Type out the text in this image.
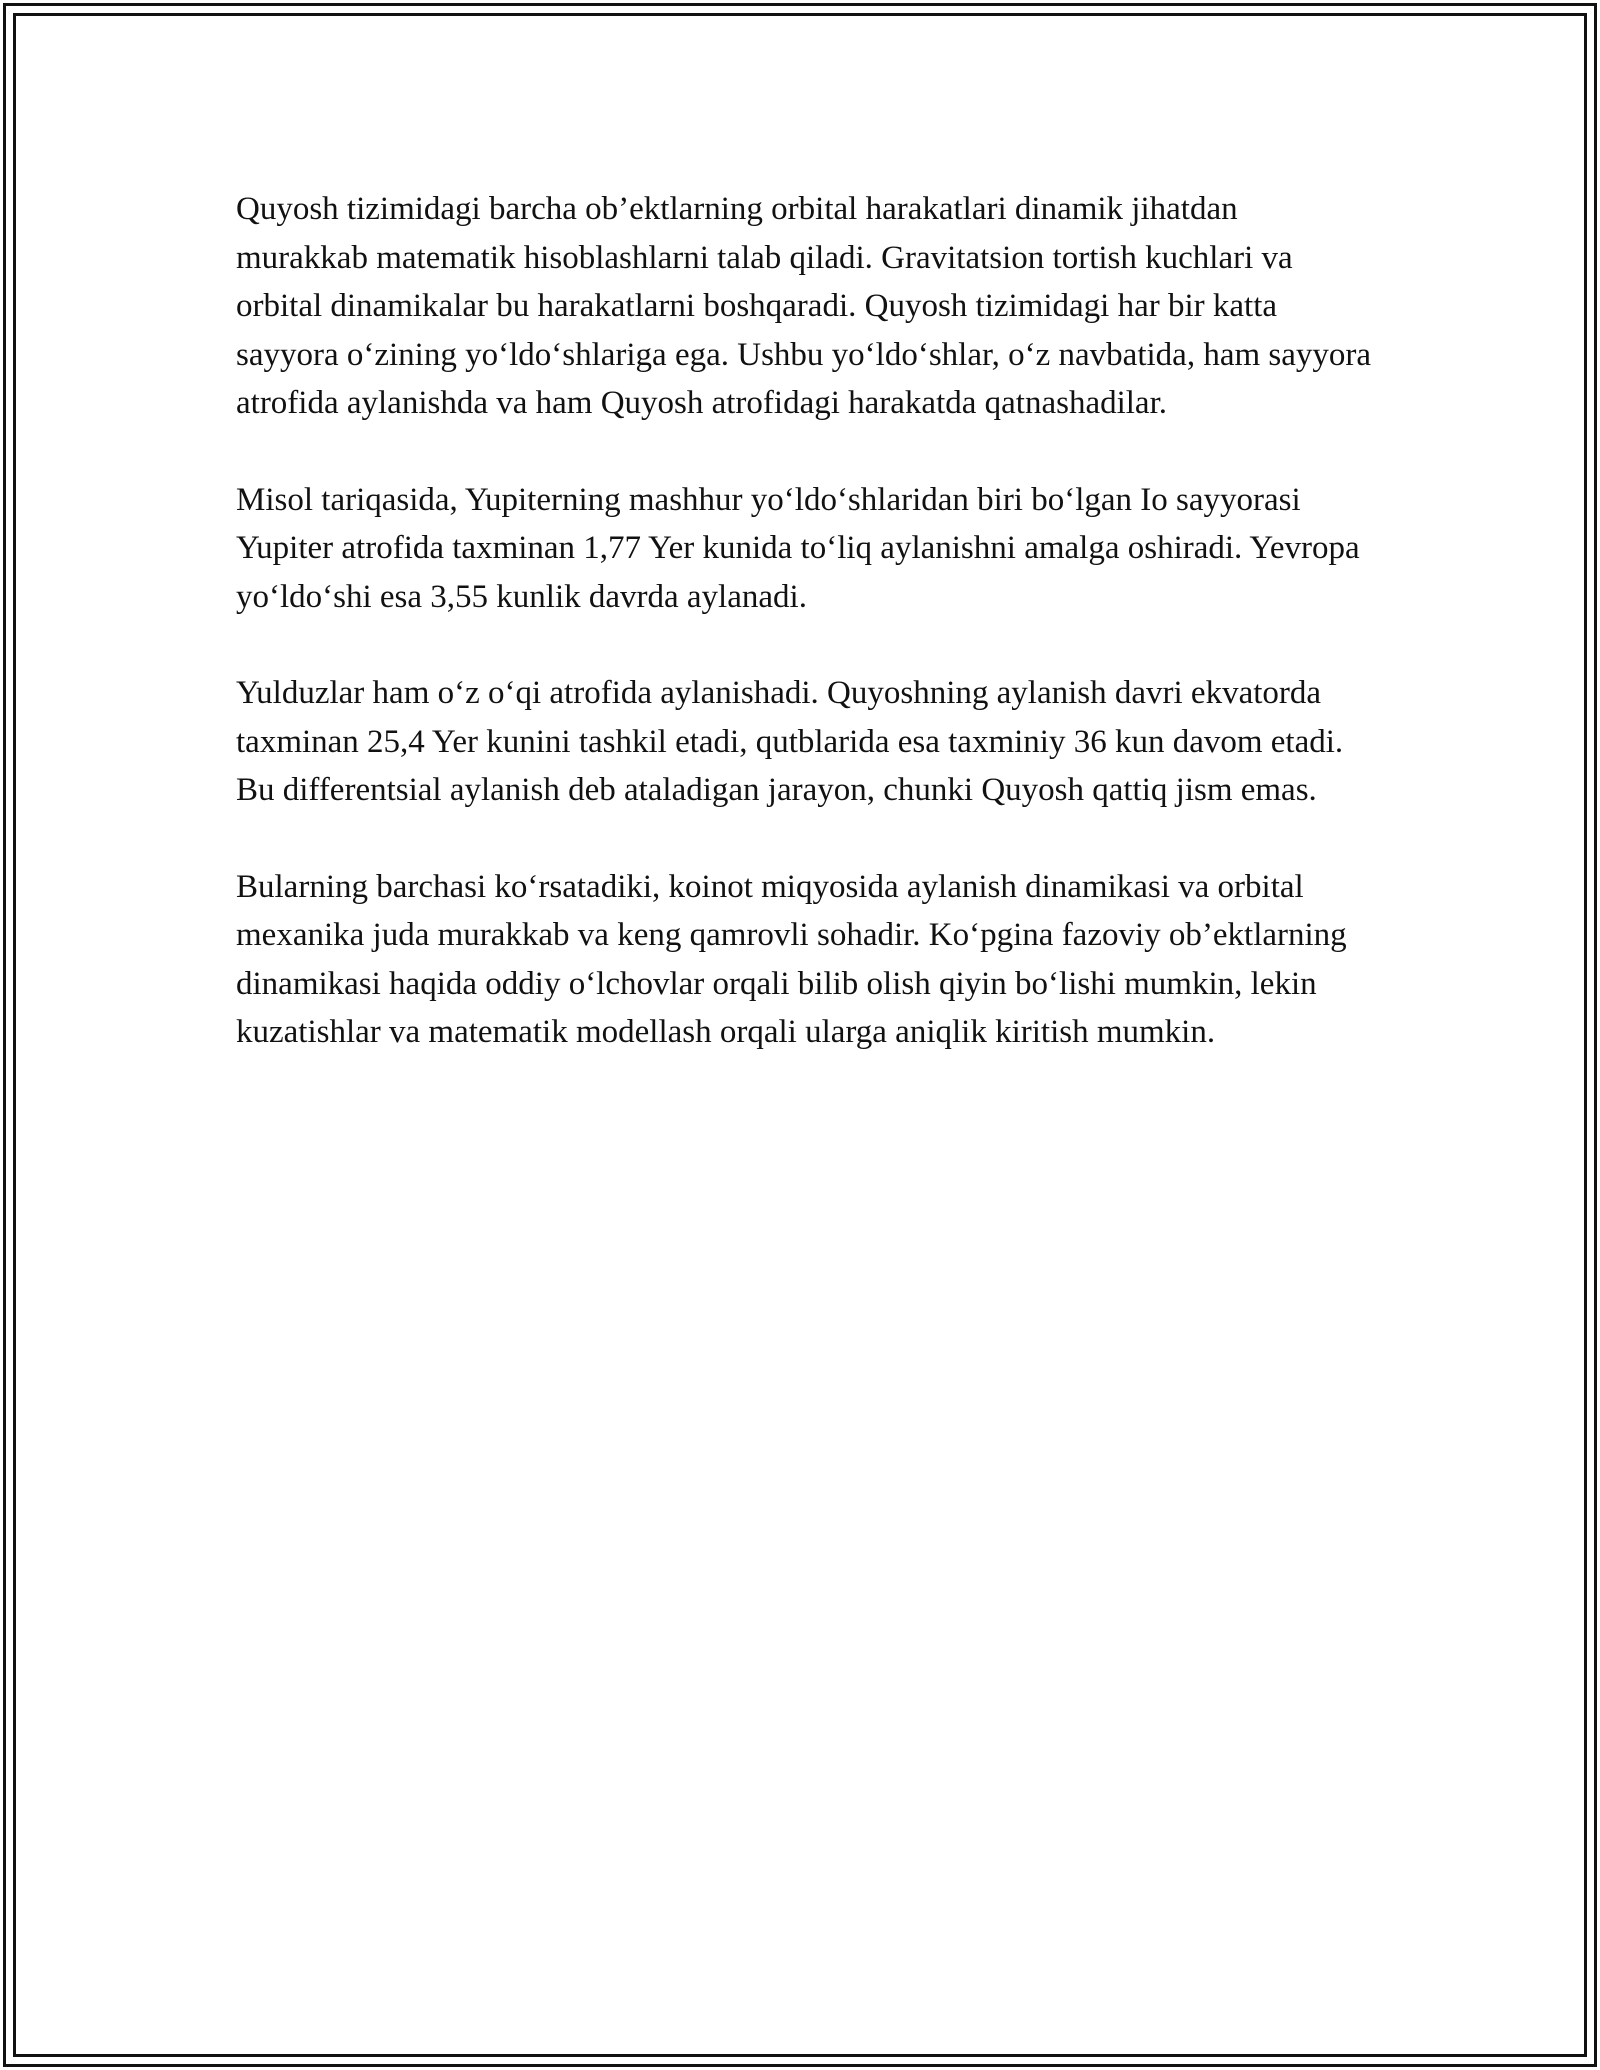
Quyosh tizimidagi barcha ob’ektlarning orbital harakatlari dinamik jihatdan murakkab matematik hisoblashlarni talab qiladi. Gravitatsion tortish kuchlari va orbital dinamikalar bu harakatlarni boshqaradi. Quyosh tizimidagi har bir katta sayyora o‘zining yo‘ldo‘shlariga ega. Ushbu yo‘ldo‘shlar, o‘z navbatida, ham sayyora atrofida aylanishda va ham Quyosh atrofidagi harakatda qatnashadilar.

Misol tariqasida, Yupiterning mashhur yo‘ldo‘shlaridan biri bo‘lgan Io sayyorasi Yupiter atrofida taxminan 1,77 Yer kunida to‘liq aylanishni amalga oshiradi. Yevropa yo‘ldo‘shi esa 3,55 kunlik davrda aylanadi.

Yulduzlar ham o‘z o‘qi atrofida aylanishadi. Quyoshning aylanish davri ekvatorda taxminan 25,4 Yer kunini tashkil etadi, qutblarida esa taxminiy 36 kun davom etadi. Bu differentsial aylanish deb ataladigan jarayon, chunki Quyosh qattiq jism emas.

Bularning barchasi ko‘rsatadiki, koinot miqyosida aylanish dinamikasi va orbital mexanika juda murakkab va keng qamrovli sohadir. Ko‘pgina fazoviy ob’ektlarning dinamikasi haqida oddiy o‘lchovlar orqali bilib olish qiyin bo‘lishi mumkin, lekin kuzatishlar va matematik modellash orqali ularga aniqlik kiritish mumkin.
